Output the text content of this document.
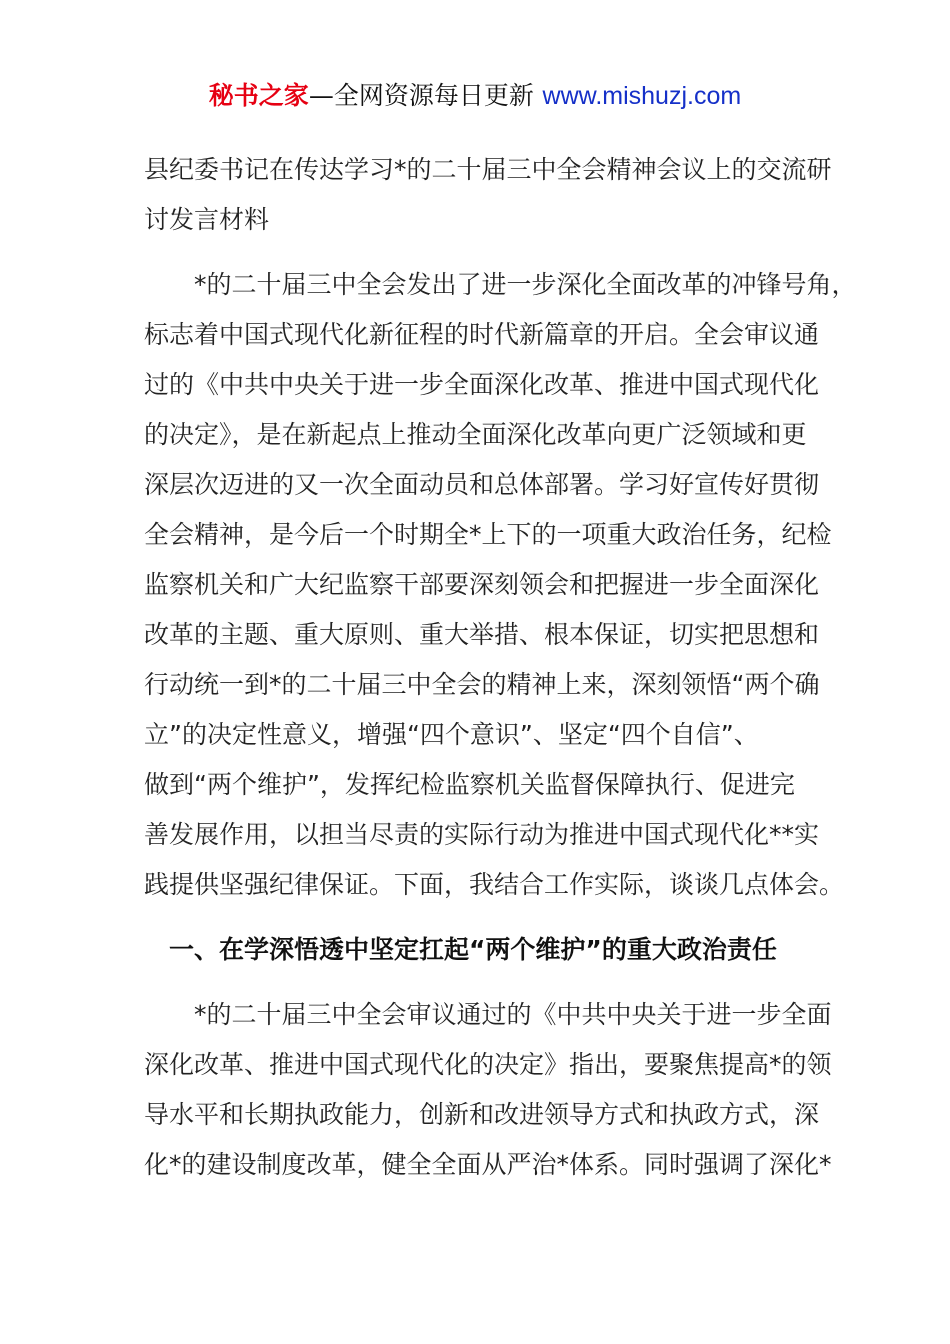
秘书之家—全网资源每日更新 www.mishuzj.com
县纪委书记在传达学习*的二十届三中全会精神会议上的交流研
讨发言材料
　　*的二十届三中全会发出了进一步深化全面改革的冲锋号角，
标志着中国式现代化新征程的时代新篇章的开启。全会审议通
过的《中共中央关于进一步全面深化改革、推进中国式现代化
的决定》，是在新起点上推动全面深化改革向更广泛领域和更
深层次迈进的又一次全面动员和总体部署。学习好宣传好贯彻
全会精神，是今后一个时期全*上下的一项重大政治任务，纪检
监察机关和广大纪监察干部要深刻领会和把握进一步全面深化
改革的主题、重大原则、重大举措、根本保证，切实把思想和
行动统一到*的二十届三中全会的精神上来，深刻领悟“两个确
立”的决定性意义，增强“四个意识”、坚定“四个自信”、
做到“两个维护”，发挥纪检监察机关监督保障执行、促进完
善发展作用，以担当尽责的实际行动为推进中国式现代化**实
践提供坚强纪律保证。下面，我结合工作实际，谈谈几点体会。
　一、在学深悟透中坚定扛起“两个维护”的重大政治责任
　　*的二十届三中全会审议通过的《中共中央关于进一步全面
深化改革、推进中国式现代化的决定》指出，要聚焦提高*的领
导水平和长期执政能力，创新和改进领导方式和执政方式，深
化*的建设制度改革，健全全面从严治*体系。同时强调了深化*
